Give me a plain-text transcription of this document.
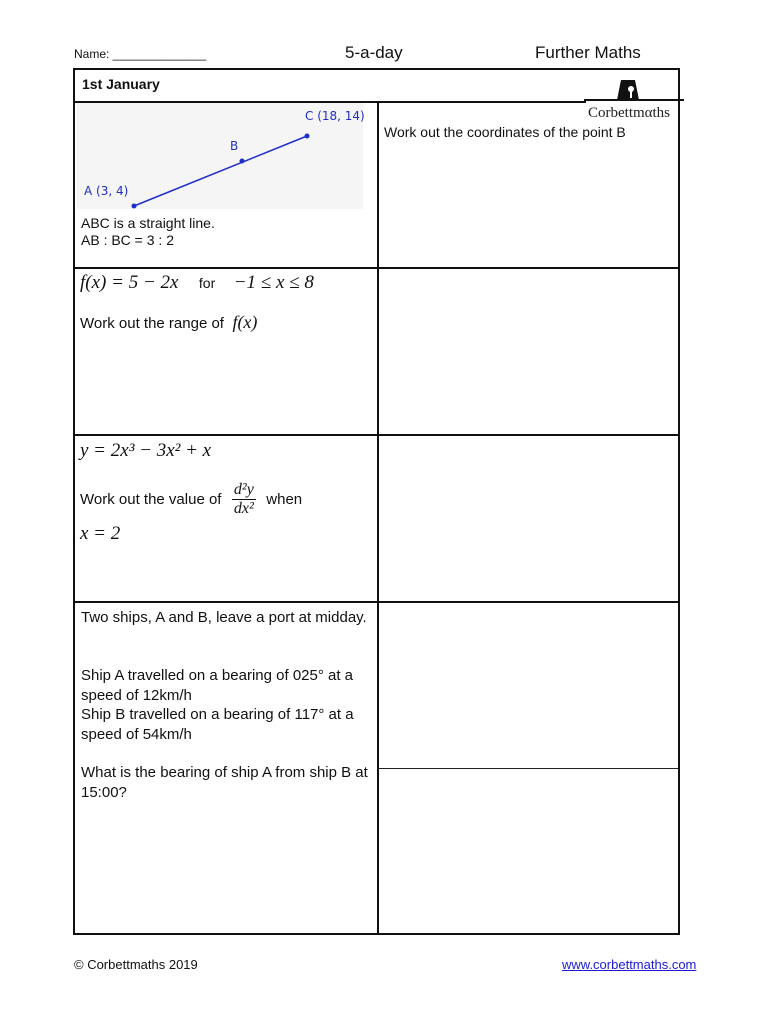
Name: ______________	5-a-day	Further Maths
1st January
Corbettmαths
A (3, 4)
B
C (18, 14)
ABC is a straight line.
AB : BC = 3 : 2
Work out the coordinates of the point B
f(x) = 5 − 2x for −1 ≤ x ≤ 8
Work out the range of f(x)
y = 2x³ − 3x² + x
Work out the value of $\frac{\text{d²y}}{\text{dx²}}$ when
x = 2
Two ships, A and B, leave a port at midday.
Ship A travelled on a bearing of 025° at a speed of 12km/h
Ship B travelled on a bearing of 117° at a speed of 54km/h
What is the bearing of ship A from ship B at 15:00?
© Corbettmaths 2019	www.corbettmaths.com
